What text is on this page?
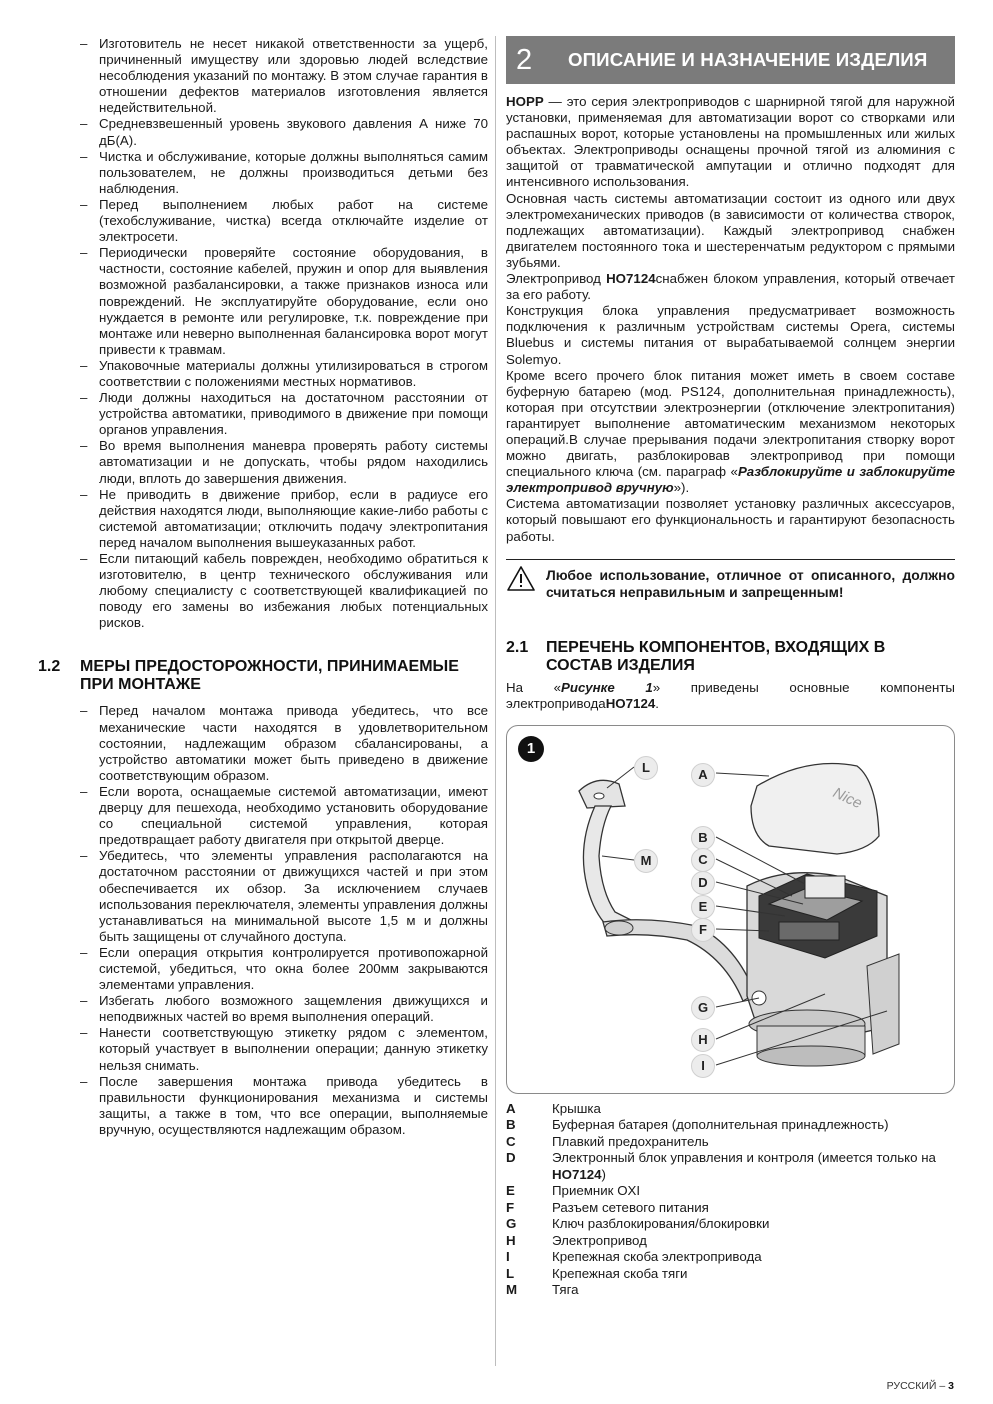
– Изготовитель не несет никакой ответственности за ущерб, причиненный имуществу или здоровью людей вследствие несоблюдения указаний по монтажу. В этом случае гарантия в отношении дефектов материалов изготовления является недействительной.
– Средневзвешенный уровень звукового давления А ниже 70 дБ(А).
– Чистка и обслуживание, которые должны выполняться самим пользователем, не должны производиться детьми без наблюдения.
– Перед выполнением любых работ на системе (техобслуживание, чистка) всегда отключайте изделие от электросети.
– Периодически проверяйте состояние оборудования, в частности, состояние кабелей, пружин и опор для выявления возможной разбалансировки, а также признаков износа или повреждений. Не эксплуатируйте оборудование, если оно нуждается в ремонте или регулировке, т.к. повреждение при монтаже или неверно выполненная балансировка ворот могут привести к травмам.
– Упаковочные материалы должны утилизироваться в строгом соответствии с положениями местных нормативов.
– Люди должны находиться на достаточном расстоянии от устройства автоматики, приводимого в движение при помощи органов управления.
– Во время выполнения маневра проверять работу системы автоматизации и не допускать, чтобы рядом находились люди, вплоть до завершения движения.
– Не приводить в движение прибор, если в радиусе его действия находятся люди, выполняющие какие-либо работы с системой автоматизации; отключить подачу электропитания перед началом выполнения вышеуказанных работ.
– Если питающий кабель поврежден, необходимо обратиться к изготовителю, в центр технического обслуживания или любому специалисту с соответствующей квалификацией по поводу его замены во избежания любых потенциальных рисков.
1.2	МЕРЫ ПРЕДОСТОРОЖНОСТИ, ПРИНИМАЕМЫЕ ПРИ МОНТАЖЕ
– Перед началом монтажа привода убедитесь, что все механические части находятся в удовлетворительном состоянии, надлежащим образом сбалансированы, а устройство автоматики может быть приведено в движение соответствующим образом.
– Если ворота, оснащаемые системой автоматизации, имеют дверцу для пешехода, необходимо установить оборудование со специальной системой управления, которая предотвращает работу двигателя при открытой дверце.
– Убедитесь, что элементы управления располагаются на достаточном расстоянии от движущихся частей и при этом обеспечивается их обзор. За исключением случаев использования переключателя, элементы управления должны устанавливаться на минимальной высоте 1,5 м и должны быть защищены от случайного доступа.
– Если операция открытия контролируется противопожарной системой, убедиться, что окна более 200мм закрываются элементами управления.
– Избегать любого возможного защемления движущихся и неподвижных частей во время выполнения операций.
– Нанести соответствующую этикетку рядом с элементом, который участвует в выполнении операции; данную этикетку нельзя снимать.
– После завершения монтажа привода убедитесь в правильности функционирования механизма и системы защиты, а также в том, что все операции, выполняемые вручную, осуществляются надлежащим образом.
2	ОПИСАНИЕ И НАЗНАЧЕНИЕ ИЗДЕЛИЯ

HOPP — это серия электроприводов с шарнирной тягой для наружной установки, применяемая для автоматизации ворот со створками или распашных ворот, которые установлены на промышленных или жилых объектах. Электроприводы оснащены прочной тягой из алюминия с защитой от травматической ампутации и отлично подходят для интенсивного использования.

Основная часть системы автоматизации состоит из одного или двух электромеханических приводов (в зависимости от количества створок, подлежащих автоматизации). Каждый электропривод снабжен двигателем постоянного тока и шестеренчатым редуктором с прямыми зубьями.

Электропривод HO7124снабжен блоком управления, который отвечает за его работу.

Конструкция блока управления предусматривает возможность подключения к различным устройствам системы Opera, системы Bluebus и системы питания от вырабатываемой солнцем энергии Solemyo.

Кроме всего прочего блок питания может иметь в своем составе буферную батарею (мод. PS124, дополнительная принадлежность), которая при отсутствии электроэнергии (отключение электропитания) гарантирует выполнение автоматическим механизмом некоторых операций.В случае прерывания подачи электропитания створку ворот можно двигать, разблокировав электропривод при помощи специального ключа (см. параграф «Разблокируйте и заблокируйте электропривод вручную»).

Система автоматизации позволяет установку различных аксессуаров, который повышают его функциональность и гарантируют безопасность работы.

Любое использование, отличное от описанного, должно считаться неправильным и запрещенным!
2.1	ПЕРЕЧЕНЬ КОМПОНЕНТОВ, ВХОДЯЩИХ В СОСТАВ ИЗДЕЛИЯ

На «Рисунке 1» приведены основные компоненты электроприводаHO7124.

1
Nice
L	A
M
B
C
D
E
F
G
H
I
A	Крышка
B	Буферная батарея (дополнительная принадлежность)
C	Плавкий предохранитель
D	Электронный блок управления и контроля (имеется только на HO7124)
E	Приемник OXI
F	Разъем сетевого питания
G	Ключ разблокирования/блокировки
H	Электропривод
I	Крепежная скоба электропривода
L	Крепежная скоба тяги
M	Тяга
РУССКИЙ – 3
